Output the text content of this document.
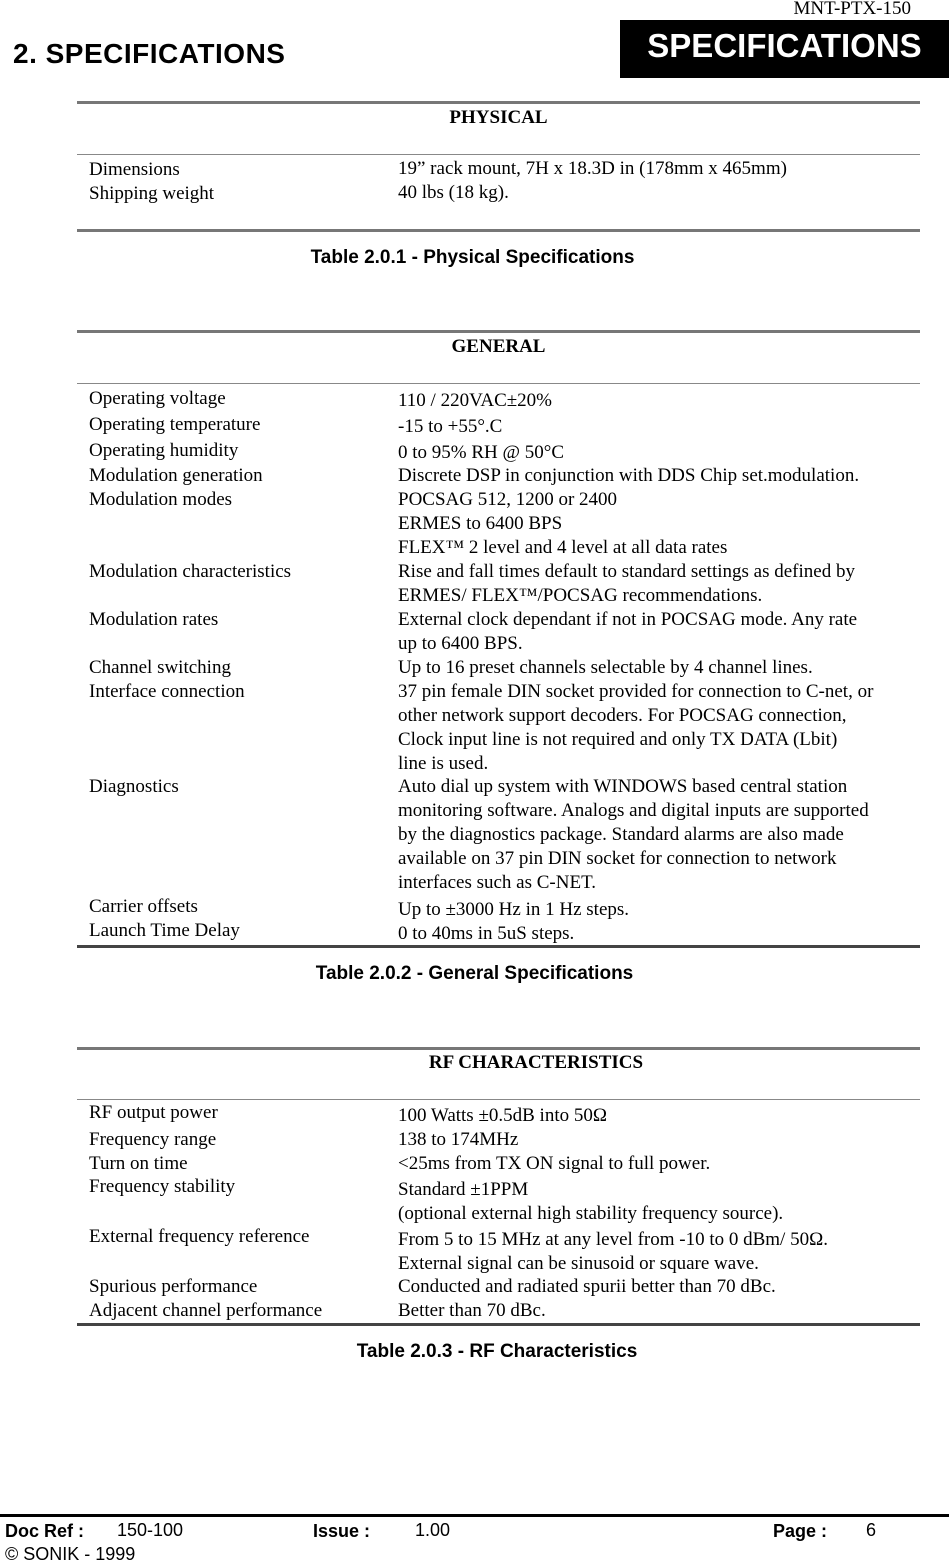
MNT-PTX-150
2. SPECIFICATIONS	SPECIFICATIONS
PHYSICAL
Dimensions	19” rack mount, 7H x 18.3D in (178mm x 465mm)
Shipping weight	40 lbs (18 kg).
Table 2.0.1 - Physical Specifications
GENERAL
Operating voltage	110 / 220VAC±20%
Operating temperature	-15 to +55°.C
Operating humidity	0 to 95% RH @ 50°C
Modulation generation	Discrete DSP in conjunction with DDS Chip set.modulation.
Modulation modes	POCSAG 512, 1200 or 2400
ERMES to 6400 BPS
FLEX™ 2 level and 4 level at all data rates
Modulation characteristics	Rise and fall times default to standard settings as defined by
ERMES/ FLEX™/POCSAG recommendations.
Modulation rates	External clock dependant if not in POCSAG mode. Any rate
up to 6400 BPS.
Channel switching	Up to 16 preset channels selectable by 4 channel lines.
Interface connection	37 pin female DIN socket provided for connection to C-net, or
other network support decoders. For POCSAG connection,
Clock input line is not required and only TX DATA (Lbit)
line is used.
Diagnostics	Auto dial up system with WINDOWS based central station
monitoring software. Analogs and digital inputs are supported
by the diagnostics package. Standard alarms are also made
available on 37 pin DIN socket for connection to network
interfaces such as C-NET.
Carrier offsets	Up to ±3000 Hz in 1 Hz steps.
Launch Time Delay	0 to 40ms in 5uS steps.
Table 2.0.2 - General Specifications
RF CHARACTERISTICS
RF output power	100 Watts ±0.5dB into 50Ω
Frequency range	138 to 174MHz
Turn on time	<25ms from TX ON signal to full power.
Frequency stability	Standard ±1PPM
(optional external high stability frequency source).
External frequency reference	From 5 to 15 MHz at any level from -10 to 0 dBm/ 50Ω.
External signal can be sinusoid or square wave.
Spurious performance	Conducted and radiated spurii better than 70 dBc.
Adjacent channel performance	Better than 70 dBc.
Table 2.0.3 - RF Characteristics
Doc Ref : 150-100	Issue : 1.00	Page : 6
© SONIK - 1999
